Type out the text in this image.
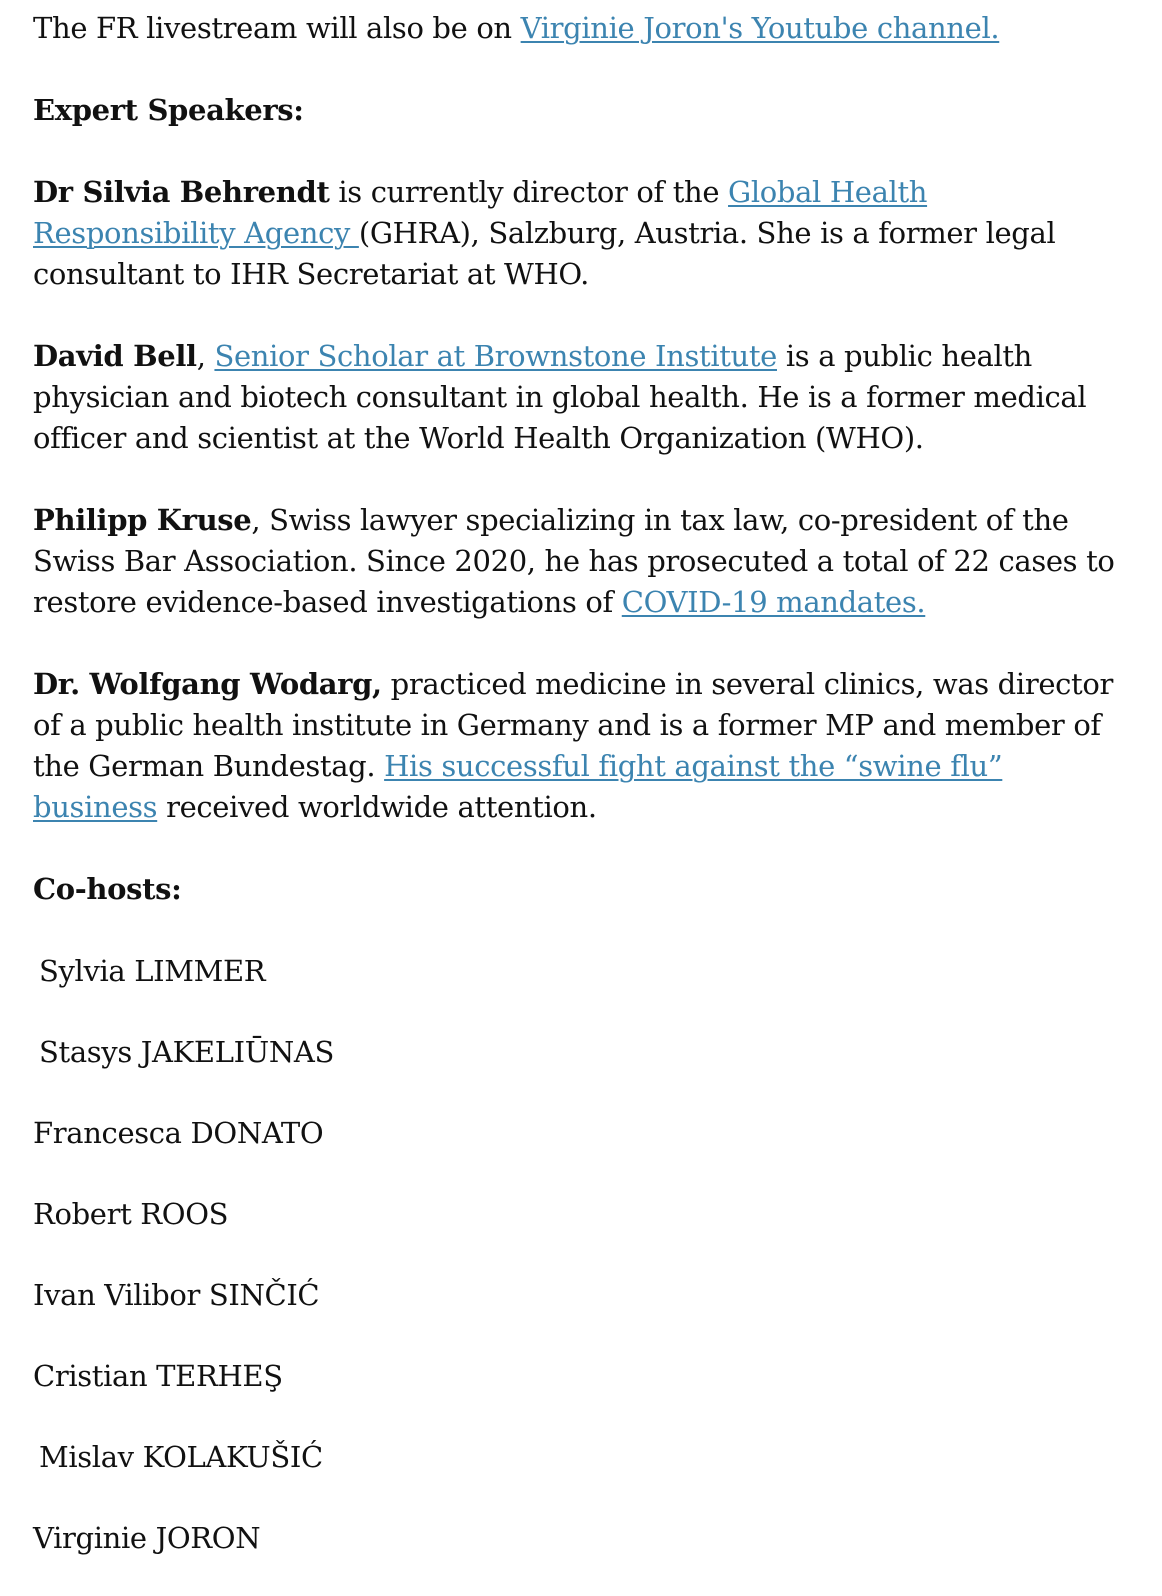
The FR livestream will also be on Virginie Joron's Youtube channel.

Expert Speakers:

Dr Silvia Behrendt is currently director of the Global Health Responsibility Agency (GHRA), Salzburg, Austria. She is a former legal consultant to IHR Secretariat at WHO.

David Bell, Senior Scholar at Brownstone Institute is a public health physician and biotech consultant in global health. He is a former medical officer and scientist at the World Health Organization (WHO).

Philipp Kruse, Swiss lawyer specializing in tax law, co-president of the Swiss Bar Association. Since 2020, he has prosecuted a total of 22 cases to restore evidence-based investigations of COVID-19 mandates.

Dr. Wolfgang Wodarg, practiced medicine in several clinics, was director of a public health institute in Germany and is a former MP and member of the German Bundestag. His successful fight against the “swine flu” business received worldwide attention.

Co-hosts:

Sylvia LIMMER

Stasys JAKELIŪNAS

Francesca DONATO

Robert ROOS

Ivan Vilibor SINČIĆ

Cristian TERHEŞ

Mislav KOLAKUŠIĆ

Virginie JORON
